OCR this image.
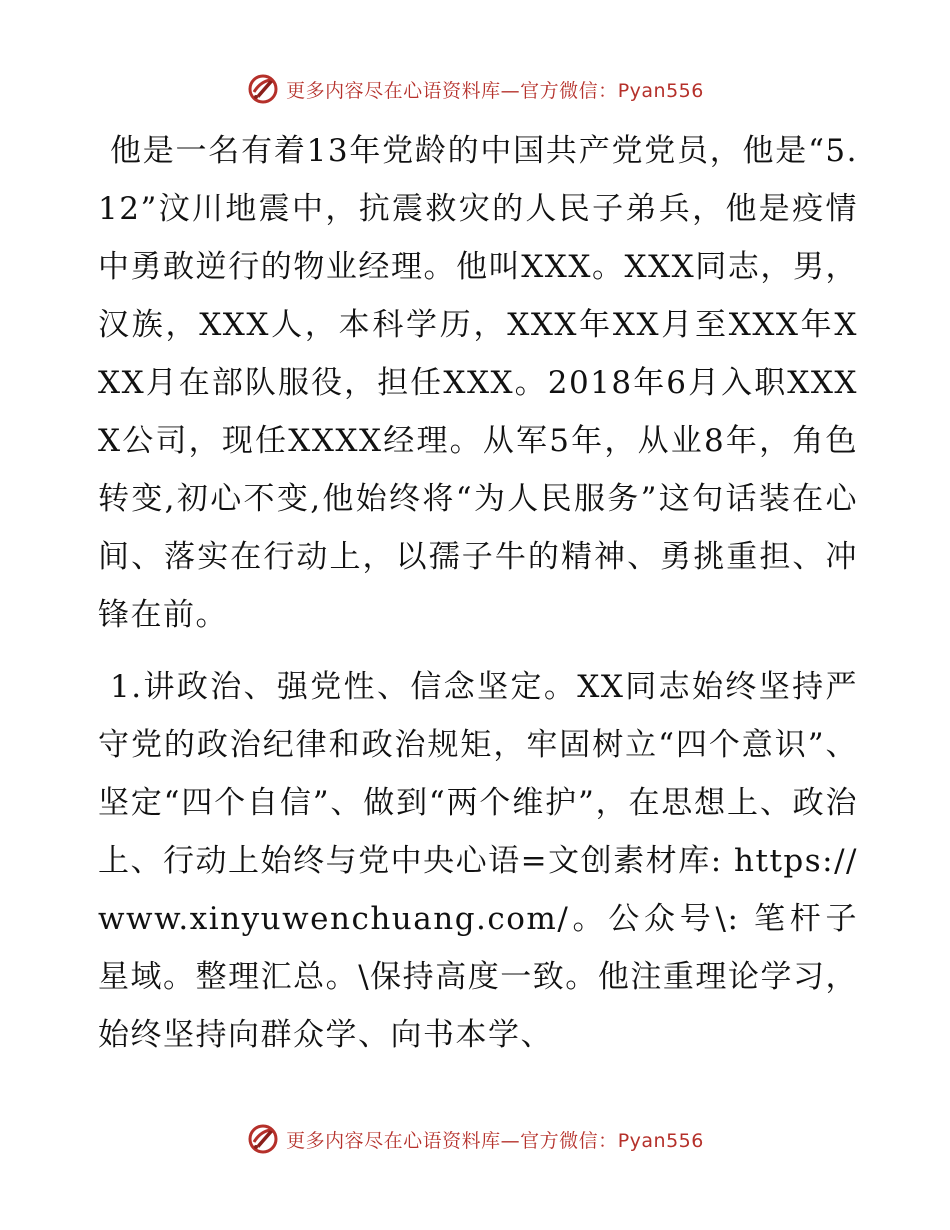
更多内容尽在心语资料库—官方微信：Pyan556

他是一名有着13年党龄的中国共产党党员，他是“5.12”汶川地震中，抗震救灾的人民子弟兵，他是疫情中勇敢逆行的物业经理。他叫XXX。XXX同志，男，汉族，XXX人，本科学历，XXX年XX月至XXX年XXX月在部队服役，担任XXX。2018年6月入职XXXX公司，现任XXXX经理。从军5年，从业8年，角色转变,初心不变,他始终将“为人民服务”这句话装在心间、落实在行动上，以孺子牛的精神、勇挑重担、冲锋在前。

1.讲政治、强党性、信念坚定。XX同志始终坚持严守党的政治纪律和政治规矩，牢固树立“四个意识”、坚定“四个自信”、做到“两个维护”，在思想上、政治上、行动上始终与党中央心语=文创素材库: https://www.xinyuwenchuang.com/。公众号\: 笔杆子星域。整理汇总。\保持高度一致。他注重理论学习，始终坚持向群众学、向书本学、

更多内容尽在心语资料库—官方微信：Pyan556
